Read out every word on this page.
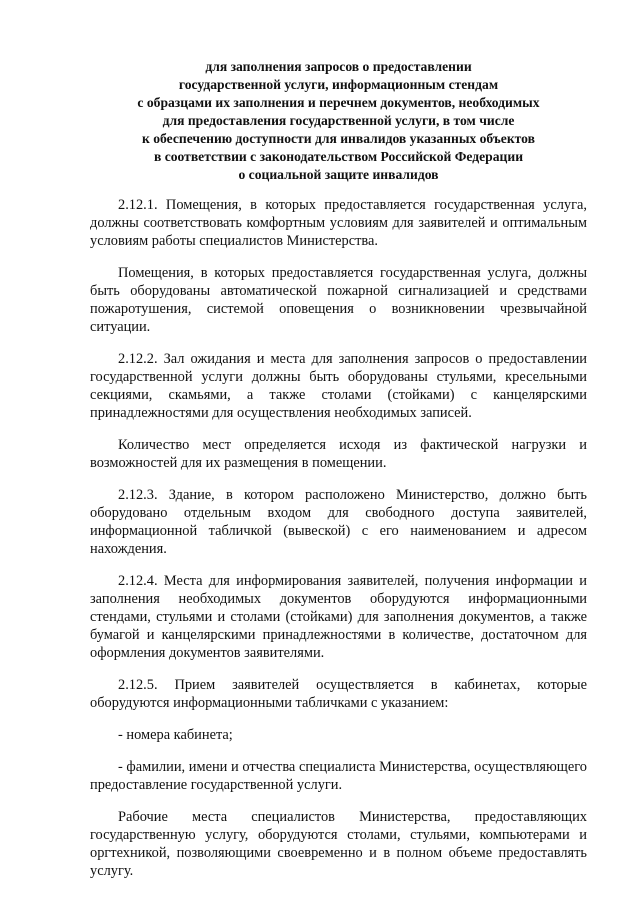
для заполнения запросов о предоставлении
государственной услуги, информационным стендам
с образцами их заполнения и перечнем документов, необходимых
для предоставления государственной услуги, в том числе
к обеспечению доступности для инвалидов указанных объектов
в соответствии с законодательством Российской Федерации
о социальной защите инвалидов

2.12.1. Помещения, в которых предоставляется государственная услуга, должны соответствовать комфортным условиям для заявителей и оптимальным условиям работы специалистов Министерства.

Помещения, в которых предоставляется государственная услуга, должны быть оборудованы автоматической пожарной сигнализацией и средствами пожаротушения, системой оповещения о возникновении чрезвычайной ситуации.

2.12.2. Зал ожидания и места для заполнения запросов о предоставлении государственной услуги должны быть оборудованы стульями, кресельными секциями, скамьями, а также столами (стойками) с канцелярскими принадлежностями для осуществления необходимых записей.

Количество мест определяется исходя из фактической нагрузки и возможностей для их размещения в помещении.

2.12.3. Здание, в котором расположено Министерство, должно быть оборудовано отдельным входом для свободного доступа заявителей, информационной табличкой (вывеской) с его наименованием и адресом нахождения.

2.12.4. Места для информирования заявителей, получения информации и заполнения необходимых документов оборудуются информационными стендами, стульями и столами (стойками) для заполнения документов, а также бумагой и канцелярскими принадлежностями в количестве, достаточном для оформления документов заявителями.

2.12.5. Прием заявителей осуществляется в кабинетах, которые оборудуются информационными табличками с указанием:

- номера кабинета;

- фамилии, имени и отчества специалиста Министерства, осуществляющего предоставление государственной услуги.

Рабочие места специалистов Министерства, предоставляющих государственную услугу, оборудуются столами, стульями, компьютерами и оргтехникой, позволяющими своевременно и в полном объеме предоставлять услугу.
